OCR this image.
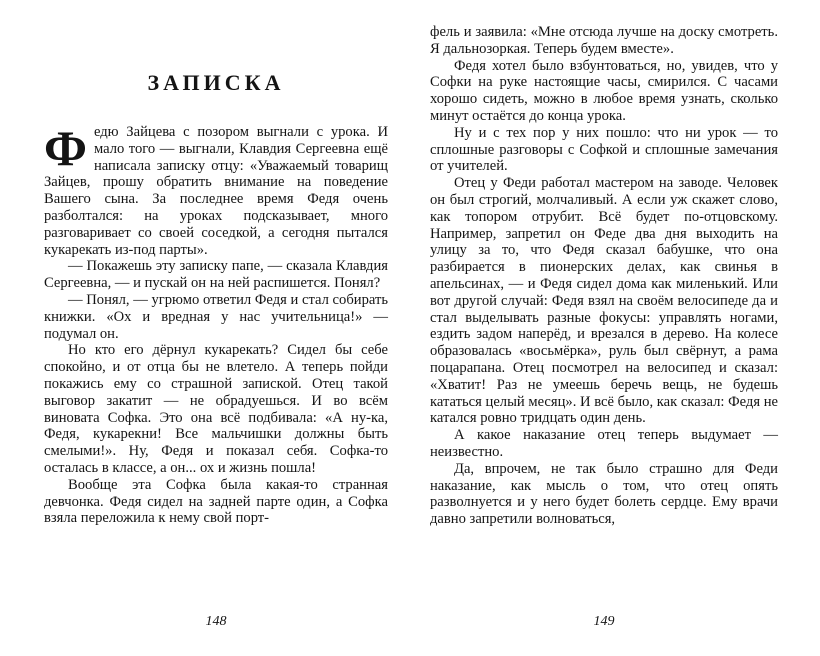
ЗАПИСКА

Федю Зайцева с позором выгнали с урока. И мало того — выгнали, Клавдия Сергеевна ещё написала записку отцу: «Уважаемый товарищ Зайцев, прошу обратить внимание на поведение Вашего сына. За последнее время Федя очень разболтался: на уроках подсказывает, много разговаривает со своей соседкой, а сегодня пытался кукарекать из-под парты».

— Покажешь эту записку папе, — сказала Клавдия Сергеевна, — и пускай он на ней распишется. Понял?

— Понял, — угрюмо ответил Федя и стал собирать книжки. «Ох и вредная у нас учительница!» — подумал он.

Но кто его дёрнул кукарекать? Сидел бы себе спокойно, и от отца бы не влетело. А теперь пойди покажись ему со страшной запиской. Отец такой выговор закатит — не обрадуешься. И во всём виновата Софка. Это она всё подбивала: «А ну-ка, Федя, кукарекни! Все мальчишки должны быть смелыми!». Ну, Федя и показал себя. Софка-то осталась в классе, а он... ох и жизнь пошла!

Вообще эта Софка была какая-то странная девчонка. Федя сидел на задней парте один, а Софка взяла переложила к нему свой порт-

148

фель и заявила: «Мне отсюда лучше на доску смотреть. Я дальнозоркая. Теперь будем вместе».

Федя хотел было взбунтоваться, но, увидев, что у Софки на руке настоящие часы, смирился. С часами хорошо сидеть, можно в любое время узнать, сколько минут остаётся до конца урока.

Ну и с тех пор у них пошло: что ни урок — то сплошные разговоры с Софкой и сплошные замечания от учителей.

Отец у Феди работал мастером на заводе. Человек он был строгий, молчаливый. А если уж скажет слово, как топором отрубит. Всё будет по-отцовскому. Например, запретил он Феде два дня выходить на улицу за то, что Федя сказал бабушке, что она разбирается в пионерских делах, как свинья в апельсинах, — и Федя сидел дома как миленький. Или вот другой случай: Федя взял на своём велосипеде да и стал выделывать разные фокусы: управлять ногами, ездить задом наперёд, и врезался в дерево. На колесе образовалась «восьмёрка», руль был свёрнут, а рама поцарапана. Отец посмотрел на велосипед и сказал: «Хватит! Раз не умеешь беречь вещь, не будешь кататься целый месяц». И всё было, как сказал: Федя не катался ровно тридцать один день.

А какое наказание отец теперь выдумает — неизвестно.

Да, впрочем, не так было страшно для Феди наказание, как мысль о том, что отец опять разволнуется и у него будет болеть сердце. Ему врачи давно запретили волноваться,

149
